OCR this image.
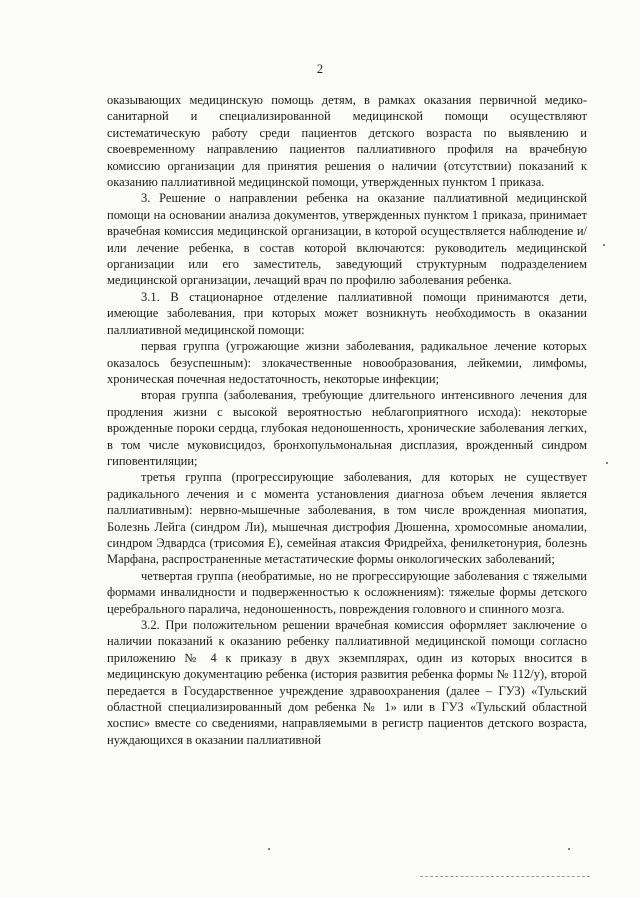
2

оказывающих медицинскую помощь детям, в рамках оказания первичной медико-санитарной и специализированной медицинской помощи осуществляют систематическую работу среди пациентов детского возраста по выявлению и своевременному направлению пациентов паллиативного профиля на врачебную комиссию организации для принятия решения о наличии (отсутствии) показаний к оказанию паллиативной медицинской помощи, утвержденных пунктом 1 приказа.

3. Решение о направлении ребенка на оказание паллиативной медицинской помощи на основании анализа документов, утвержденных пунктом 1 приказа, принимает врачебная комиссия медицинской организации, в которой осуществляется наблюдение и/или лечение ребенка, в состав которой включаются: руководитель медицинской организации или его заместитель, заведующий структурным подразделением медицинской организации, лечащий врач по профилю заболевания ребенка.

3.1. В стационарное отделение паллиативной помощи принимаются дети, имеющие заболевания, при которых может возникнуть необходимость в оказании паллиативной медицинской помощи:

первая группа (угрожающие жизни заболевания, радикальное лечение которых оказалось безуспешным): злокачественные новообразования, лейкемии, лимфомы, хроническая почечная недостаточность, некоторые инфекции;

вторая группа (заболевания, требующие длительного интенсивного лечения для продления жизни с высокой вероятностью неблагоприятного исхода): некоторые врожденные пороки сердца, глубокая недоношенность, хронические заболевания легких, в том числе муковисцидоз, бронхопульмональная дисплазия, врожденный синдром гиповентиляции;

третья группа (прогрессирующие заболевания, для которых не существует радикального лечения и с момента установления диагноза объем лечения является паллиативным): нервно-мышечные заболевания, в том числе врожденная миопатия, Болезнь Лейга (синдром Ли), мышечная дистрофия Дюшенна, хромосомные аномалии, синдром Эдвардса (трисомия Е), семейная атаксия Фридрейха, фенилкетонурия, болезнь Марфана, распространенные метастатические формы онкологических заболеваний;

четвертая группа (необратимые, но не прогрессирующие заболевания с тяжелыми формами инвалидности и подверженностью к осложнениям): тяжелые формы детского церебрального паралича, недоношенность, повреждения головного и спинного мозга.

3.2. При положительном решении врачебная комиссия оформляет заключение о наличии показаний к оказанию ребенку паллиативной медицинской помощи согласно приложению № 4 к приказу в двух экземплярах, один из которых вносится в медицинскую документацию ребенка (история развития ребенка формы № 112/у), второй передается в Государственное учреждение здравоохранения (далее – ГУЗ) «Тульский областной специализированный дом ребенка № 1» или в ГУЗ «Тульский областной хоспис» вместе со сведениями, направляемыми в регистр пациентов детского возраста, нуждающихся в оказании паллиативной
